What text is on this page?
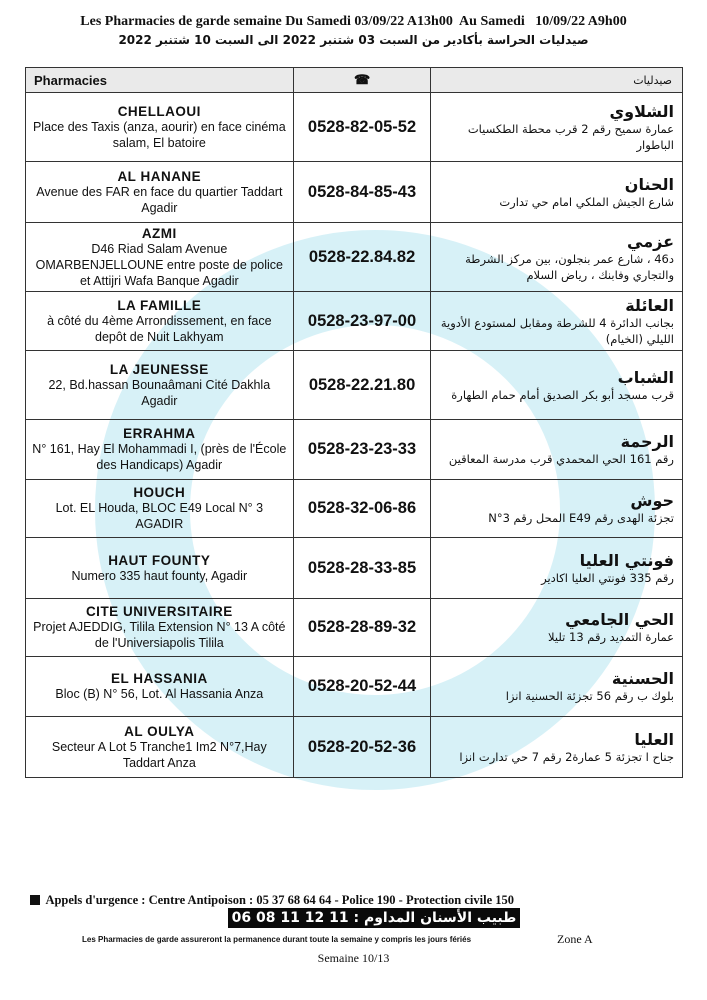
Les Pharmacies de garde semaine Du Samedi 03/09/22 A13h00  Au Samedi   10/09/22 A9h00
صيدليات الحراسة بأكادير من السبت 03 شتنبر 2022 الى السبت 10 شتنبر 2022
Pharmacies	☎	صيدليات

CHELLAOUI
Place des Taxis (anza, aourir) en face cinéma salam, El batoire	0528-82-05-52	الشلاوي
عمارة سميح رقم 2 قرب محطة الطكسيات الباطوار

AL HANANE
Avenue des FAR en face du quartier Taddart Agadir	0528-84-85-43	الحنان
شارع الجيش الملكي امام حي تدارت

AZMI
D46 Riad Salam Avenue OMARBENJELLOUNE entre poste de police et Attijri Wafa Banque Agadir	0528-22.84.82	عزمي
د46 ، شارع عمر بنجلون، بين مركز الشرطة والتجاري وفابنك ، رياض السلام

LA FAMILLE
à côté du 4ème Arrondissement, en face depôt de Nuit Lakhyam	0528-23-97-00	العائلة
بجانب الدائرة 4 للشرطة ومقابل لمستودع الأدوية الليلي (الخيام)

LA JEUNESSE
22, Bd.hassan Bounaâmani Cité Dakhla Agadir	0528-22.21.80	الشباب
قرب مسجد أبو بكر الصديق أمام حمام الطهارة

ERRAHMA
N° 161, Hay El Mohammadi I, (près de l'École des Handicaps) Agadir	0528-23-23-33	الرحمة
رقم 161 الحي المحمدي قرب مدرسة المعاقين

HOUCH
Lot. EL Houda, BLOC E49 Local N° 3 AGADIR	0528-32-06-86	حوش
تجزئة الهدى رقم E49 المحل رقم 3°N

HAUT FOUNTY
Numero 335 haut founty, Agadir	0528-28-33-85	فونتي العليا
رقم 335 فونتي العليا اكادير

CITE UNIVERSITAIRE
Projet AJEDDIG, Tilila Extension N° 13 A côté de l'Universiapolis Tilila	0528-28-89-32	الحي الجامعي
عمارة التمديد رقم 13 تليلا

EL HASSANIA
Bloc (B) N° 56, Lot. Al Hassania Anza	0528-20-52-44	الحسنية
بلوك ب رقم 56 تجزئة الحسنية انزا

AL OULYA
Secteur A Lot 5 Tranche1 Im2 N°7,Hay Taddart Anza	0528-20-52-36	العليا
جناح ا تجزئة 5 عمارة2 رقم 7 حي تدارت انزا
Appels d'urgence : Centre Antipoison : 05 37 68 64 64 - Police 190 - Protection civile 150
طبيب الأسنان المداوم : 11 12 11 08 06
Les Pharmacies de garde assureront la permanence durant toute la semaine y compris les jours fériés	Zone A
Semaine 10/13
